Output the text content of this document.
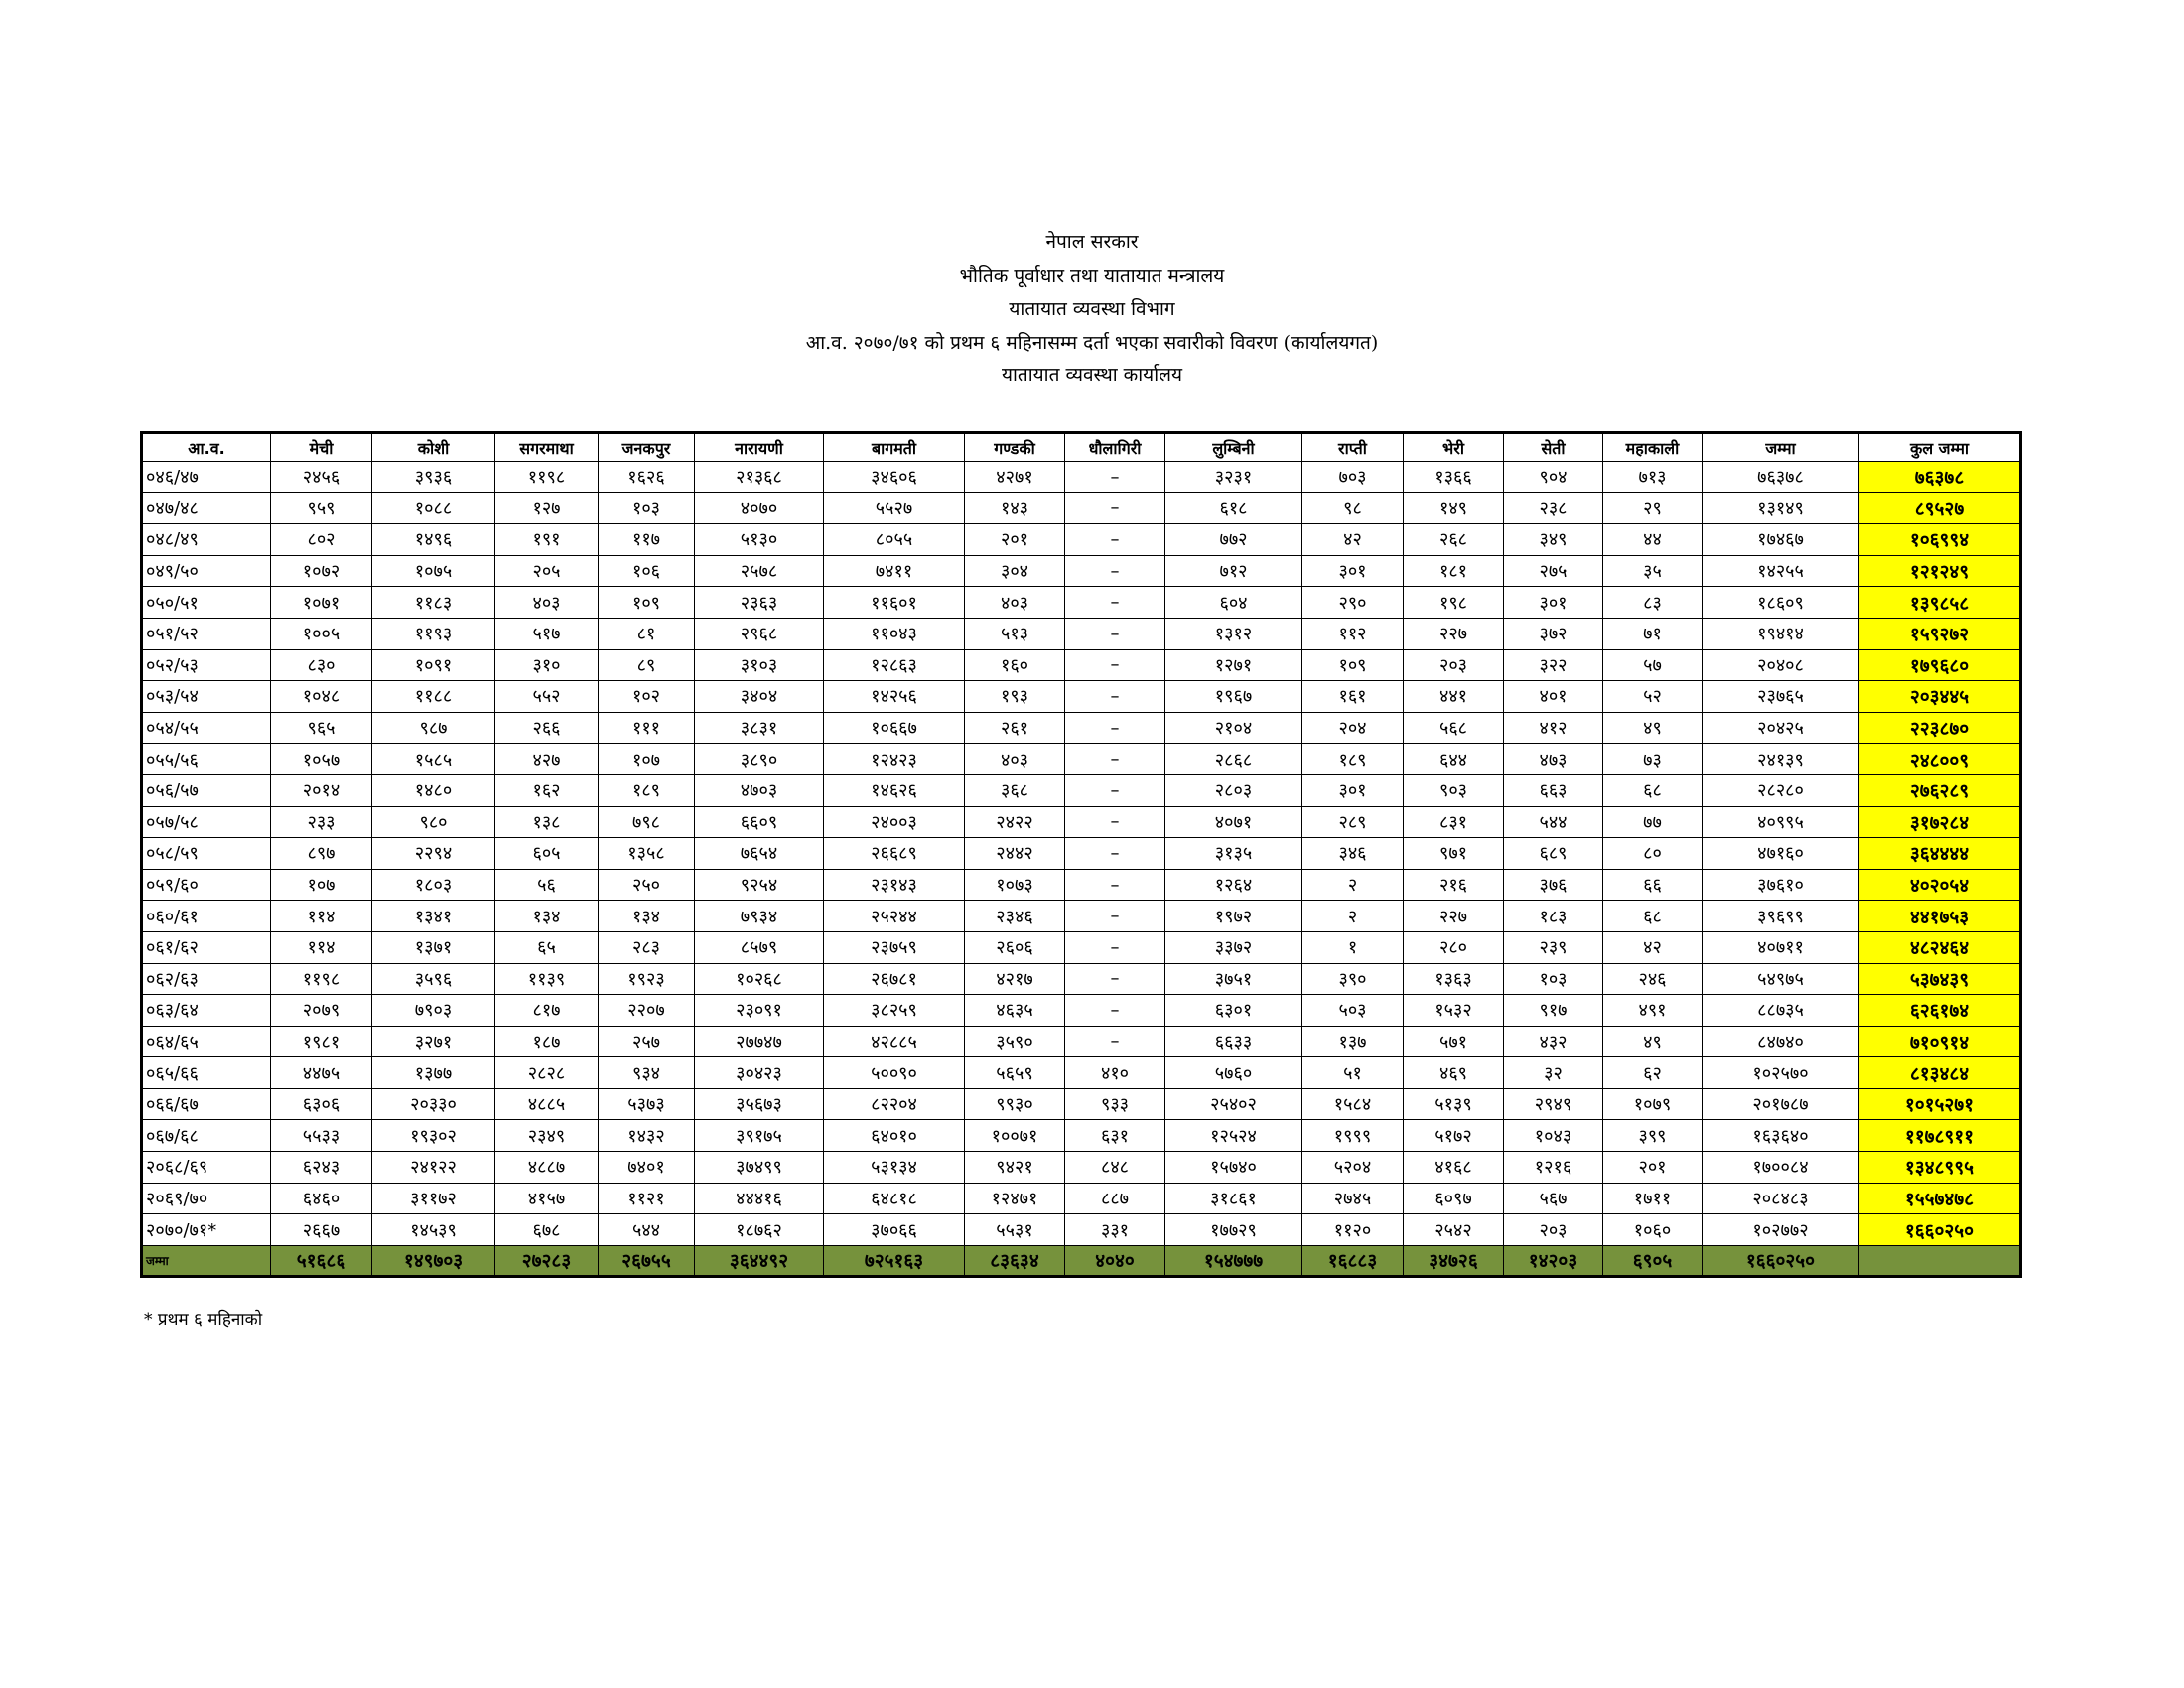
नेपाल सरकार
भौतिक पूर्वाधार तथा यातायात मन्त्रालय
यातायात व्यवस्था विभाग
आ.व. २०७०/७१ को प्रथम ६ महिनासम्म दर्ता भएका सवारीको विवरण (कार्यालयगत)
यातायात व्यवस्था कार्यालय
आ.व.	मेची	कोशी	सगरमाथा	जनकपुर	नारायणी	बागमती	गण्डकी	धौलागिरी	लुम्बिनी	राप्ती	भेरी	सेती	महाकाली	जम्मा	कुल जम्मा
०४६/४७	२४५६	३९३६	११९८	१६२६	२१३६८	३४६०६	४२७१	–	३२३१	७०३	१३६६	९०४	७१३	७६३७८	७६३७८
०४७/४८	९५९	१०८८	१२७	१०३	४०७०	५५२७	१४३	–	६१८	९८	१४९	२३८	२९	१३१४९	८९५२७
०४८/४९	८०२	१४९६	१९१	११७	५१३०	८०५५	२०१	–	७७२	४२	२६८	३४९	४४	१७४६७	१०६९९४
०४९/५०	१०७२	१०७५	२०५	१०६	२५७८	७४११	३०४	–	७१२	३०१	१८१	२७५	३५	१४२५५	१२१२४९
०५०/५१	१०७१	११८३	४०३	१०९	२३६३	११६०१	४०३	–	६०४	२९०	१९८	३०१	८३	१८६०९	१३९८५८
०५१/५२	१००५	११९३	५१७	८१	२९६८	११०४३	५१३	–	१३१२	११२	२२७	३७२	७१	१९४१४	१५९२७२
०५२/५३	८३०	१०९१	३१०	८९	३१०३	१२८६३	१६०	–	१२७१	१०९	२०३	३२२	५७	२०४०८	१७९६८०
०५३/५४	१०४८	११८८	५५२	१०२	३४०४	१४२५६	१९३	–	१९६७	१६१	४४१	४०१	५२	२३७६५	२०३४४५
०५४/५५	९६५	९८७	२६६	१११	३८३१	१०६६७	२६१	–	२१०४	२०४	५६८	४१२	४९	२०४२५	२२३८७०
०५५/५६	१०५७	१५८५	४२७	१०७	३८९०	१२४२३	४०३	–	२८६८	१८९	६४४	४७३	७३	२४१३९	२४८००९
०५६/५७	२०१४	१४८०	१६२	१८९	४७०३	१४६२६	३६८	–	२८०३	३०१	९०३	६६३	६८	२८२८०	२७६२८९
०५७/५८	२३३	९८०	१३८	७९८	६६०९	२४००३	२४२२	–	४०७१	२८९	८३१	५४४	७७	४०९९५	३१७२८४
०५८/५९	८९७	२२९४	६०५	१३५८	७६५४	२६६८९	२४४२	–	३१३५	३४६	९७१	६८९	८०	४७१६०	३६४४४४
०५९/६०	१०७	१८०३	५६	२५०	९२५४	२३१४३	१०७३	–	१२६४	२	२१६	३७६	६६	३७६१०	४०२०५४
०६०/६१	११४	१३४१	१३४	१३४	७९३४	२५२४४	२३४६	–	१९७२	२	२२७	१८३	६८	३९६९९	४४१७५३
०६१/६२	११४	१३७१	६५	२८३	८५७९	२३७५९	२६०६	–	३३७२	१	२८०	२३९	४२	४०७११	४८२४६४
०६२/६३	११९८	३५९६	११३९	१९२३	१०२६८	२६७८१	४२१७	–	३७५१	३९०	१३६३	१०३	२४६	५४९७५	५३७४३९
०६३/६४	२०७९	७९०३	८१७	२२०७	२३०९१	३८२५९	४६३५	–	६३०१	५०३	१५३२	९१७	४९१	८८७३५	६२६१७४
०६४/६५	१९८१	३२७१	१८७	२५७	२७७४७	४२८८५	३५९०	–	६६३३	१३७	५७१	४३२	४९	८४७४०	७१०९१४
०६५/६६	४४७५	१३७७	२८२८	९३४	३०४२३	५००९०	५६५९	४१०	५७६०	५१	४६९	३२	६२	१०२५७०	८१३४८४
०६६/६७	६३०६	२०३३०	४८८५	५३७३	३५६७३	८२२०४	९९३०	९३३	२५४०२	१५८४	५१३९	२९४९	१०७९	२०१७८७	१०१५२७१
०६७/६८	५५३३	१९३०२	२३४९	१४३२	३९१७५	६४०१०	१००७१	६३१	१२५२४	१९९९	५१७२	१०४३	३९९	१६३६४०	११७८९११
२०६८/६९	६२४३	२४१२२	४८८७	७४०१	३७४९९	५३१३४	९४२१	८४८	१५७४०	५२०४	४१६८	१२१६	२०१	१७००८४	१३४८९९५
२०६९/७०	६४६०	३११७२	४१५७	११२१	४४४१६	६४८१८	१२४७१	८८७	३१८६१	२७४५	६०९७	५६७	१७११	२०८४८३	१५५७४७८
२०७०/७१*	२६६७	१४५३९	६७८	५४४	१८७६२	३७०६६	५५३१	३३१	१७७२९	११२०	२५४२	२०३	१०६०	१०२७७२	१६६०२५०
जम्मा	५१६८६	१४९७०३	२७२८३	२६७५५	३६४४९२	७२५१६३	८३६३४	४०४०	१५४७७७	१६८८३	३४७२६	१४२०३	६९०५	१६६०२५०	
* प्रथम ६ महिनाको
